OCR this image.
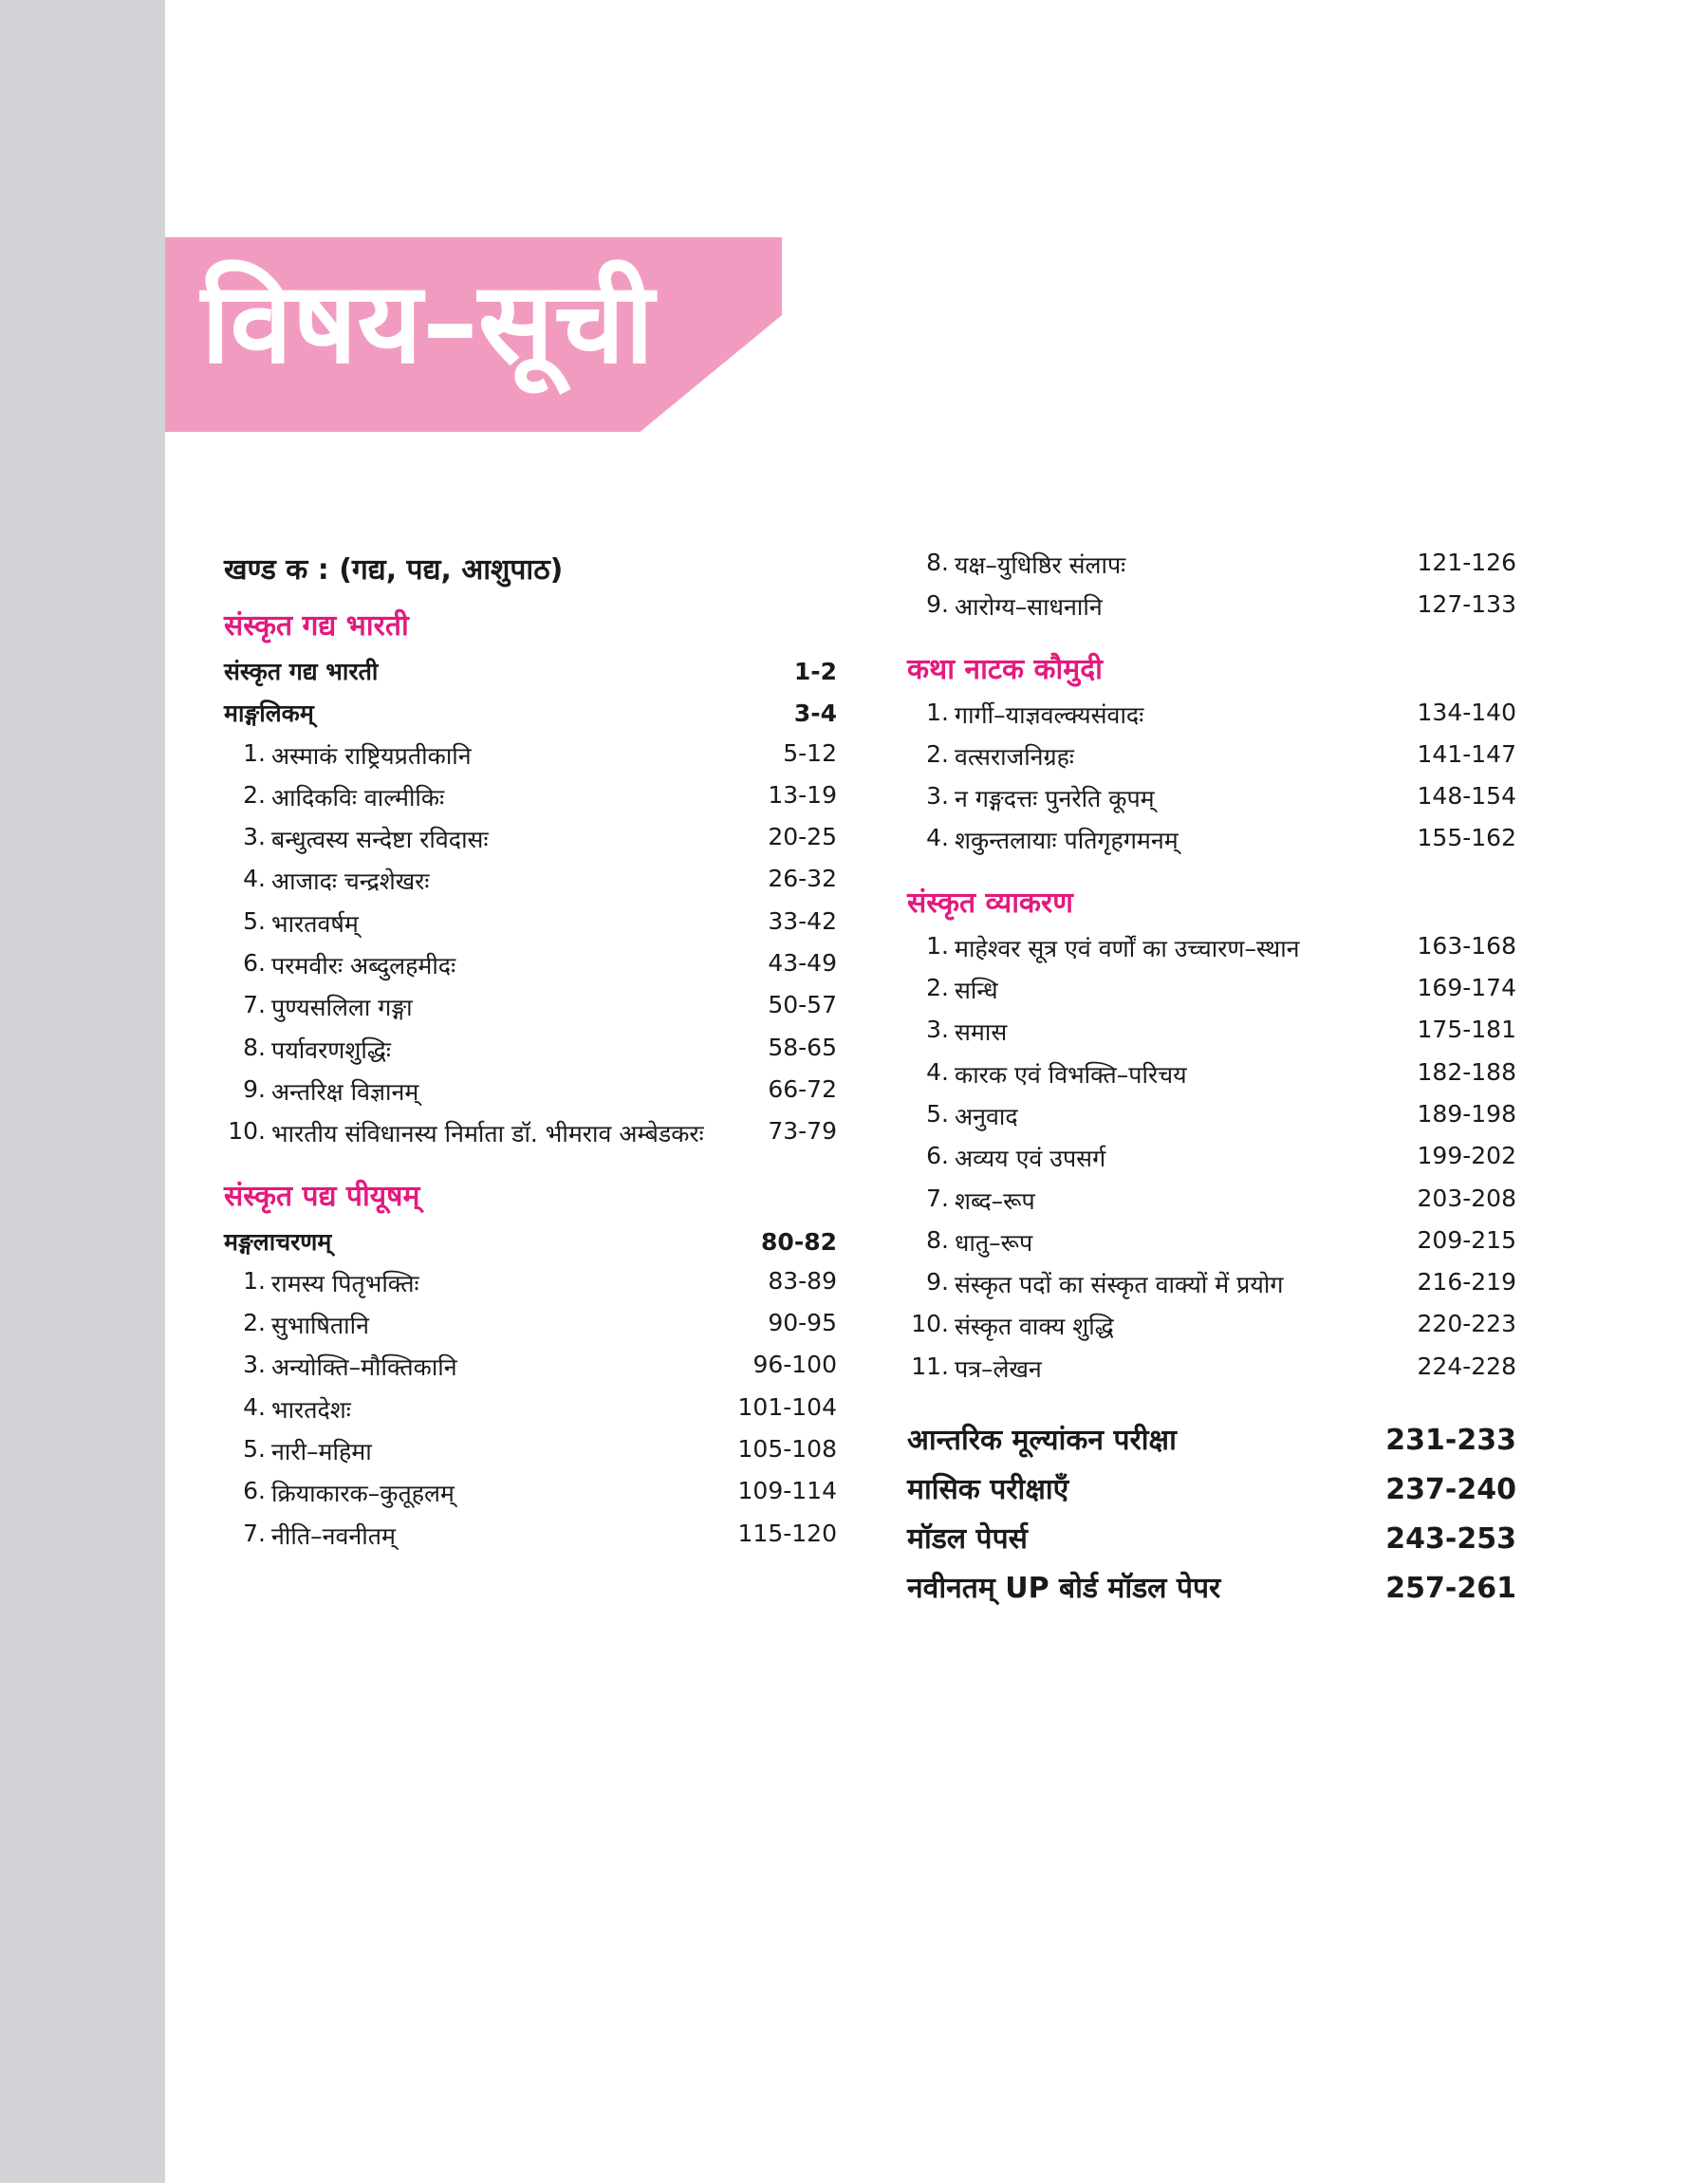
विषय–सूची
खण्ड क : (गद्य, पद्य, आशुपाठ)
संस्कृत गद्य भारती
संस्कृत गद्य भारती	1-2
माङ्गलिकम्	3-4
1. अस्माकं राष्ट्रियप्रतीकानि	5-12
2. आदिकविः वाल्मीकिः	13-19
3. बन्धुत्वस्य सन्देष्टा रविदासः	20-25
4. आजादः चन्द्रशेखरः	26-32
5. भारतवर्षम्	33-42
6. परमवीरः अब्दुलहमीदः	43-49
7. पुण्यसलिला गङ्गा	50-57
8. पर्यावरणशुद्धिः	58-65
9. अन्तरिक्ष विज्ञानम्	66-72
10. भारतीय संविधानस्य निर्माता डॉ. भीमराव अम्बेडकरः	73-79
संस्कृत पद्य पीयूषम्
मङ्गलाचरणम्	80-82
1. रामस्य पितृभक्तिः	83-89
2. सुभाषितानि	90-95
3. अन्योक्ति–मौक्तिकानि	96-100
4. भारतदेशः	101-104
5. नारी–महिमा	105-108
6. क्रियाकारक–कुतूहलम्	109-114
7. नीति–नवनीतम्	115-120
8. यक्ष–युधिष्ठिर संलापः	121-126
9. आरोग्य–साधनानि	127-133
कथा नाटक कौमुदी
1. गार्गी–याज्ञवल्क्यसंवादः	134-140
2. वत्सराजनिग्रहः	141-147
3. न गङ्गदत्तः पुनरेति कूपम्	148-154
4. शकुन्तलायाः पतिगृहगमनम्	155-162
संस्कृत व्याकरण
1. माहेश्वर सूत्र एवं वर्णों का उच्चारण–स्थान	163-168
2. सन्धि	169-174
3. समास	175-181
4. कारक एवं विभक्ति–परिचय	182-188
5. अनुवाद	189-198
6. अव्यय एवं उपसर्ग	199-202
7. शब्द–रूप	203-208
8. धातु–रूप	209-215
9. संस्कृत पदों का संस्कृत वाक्यों में प्रयोग	216-219
10. संस्कृत वाक्य शुद्धि	220-223
11. पत्र–लेखन	224-228
आन्तरिक मूल्यांकन परीक्षा	231-233
मासिक परीक्षाएँ	237-240
मॉडल पेपर्स	243-253
नवीनतम् UP बोर्ड मॉडल पेपर	257-261
